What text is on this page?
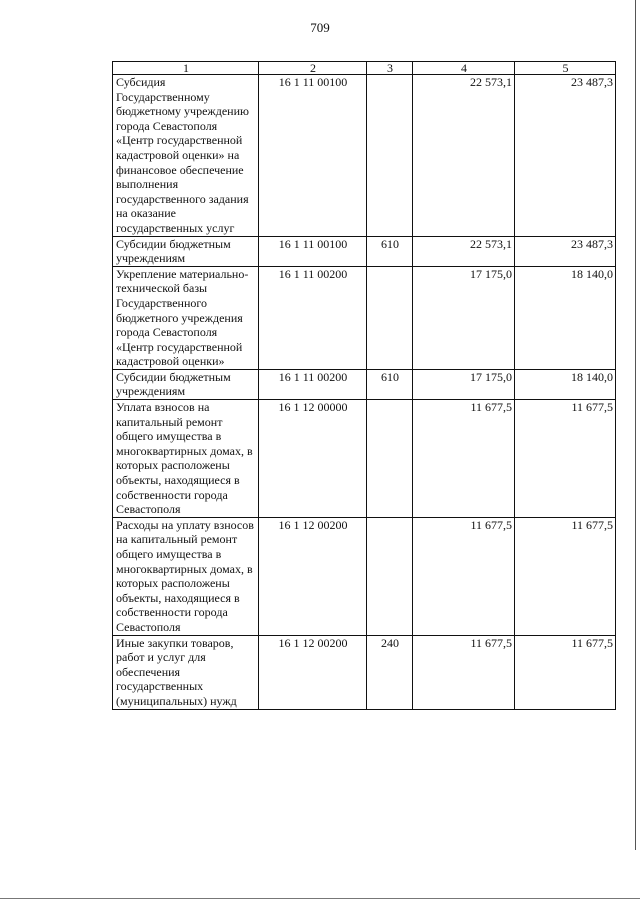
709
1	2	3	4	5
Субсидия Государственному бюджетному учреждению города Севастополя «Центр государственной кадастровой оценки» на финансовое обеспечение выполнения государственного задания на оказание государственных услуг	16 1 11 00100		22 573,1	23 487,3
Субсидии бюджетным учреждениям	16 1 11 00100	610	22 573,1	23 487,3
Укрепление материально-технической базы Государственного бюджетного учреждения города Севастополя «Центр государственной кадастровой оценки»	16 1 11 00200		17 175,0	18 140,0
Субсидии бюджетным учреждениям	16 1 11 00200	610	17 175,0	18 140,0
Уплата взносов на капитальный ремонт общего имущества в многоквартирных домах, в которых расположены объекты, находящиеся в собственности города Севастополя	16 1 12 00000		11 677,5	11 677,5
Расходы на уплату взносов на капитальный ремонт общего имущества в многоквартирных домах, в которых расположены объекты, находящиеся в собственности города Севастополя	16 1 12 00200		11 677,5	11 677,5
Иные закупки товаров, работ и услуг для обеспечения государственных (муниципальных) нужд	16 1 12 00200	240	11 677,5	11 677,5
